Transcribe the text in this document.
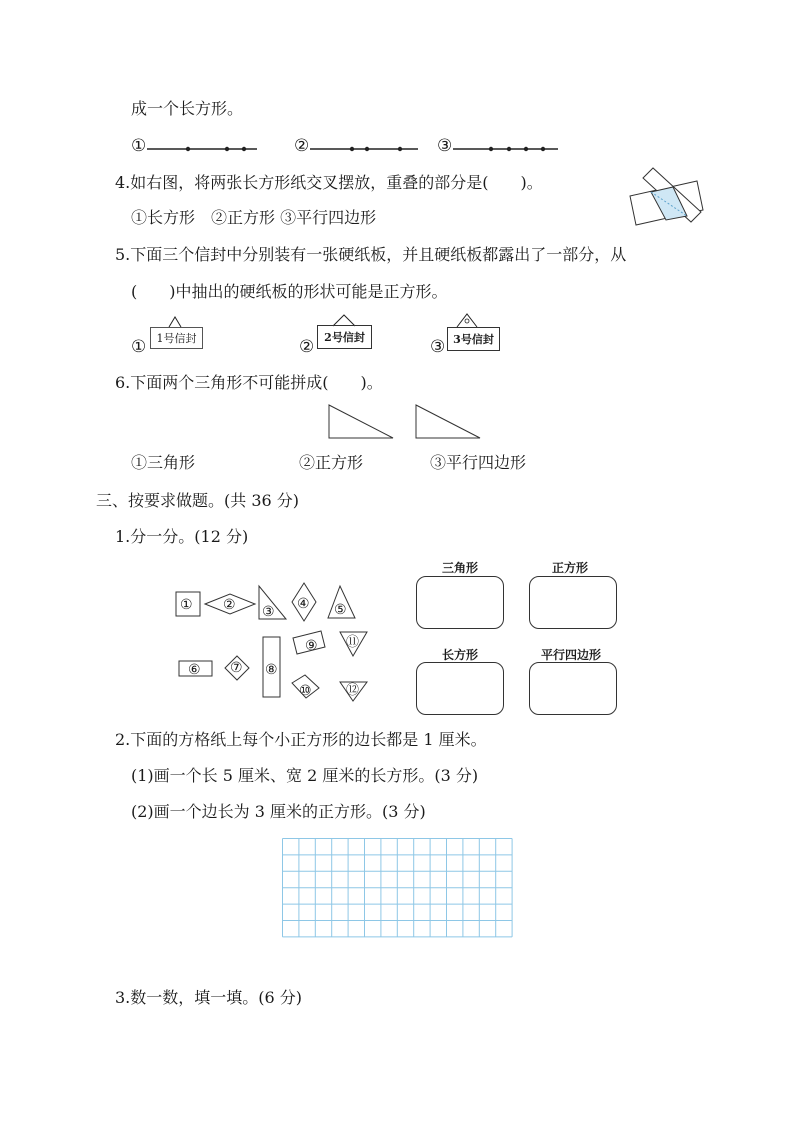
成一个长方形。
①	②	③
4.如右图，将两张长方形纸交叉摆放，重叠的部分是(　　)。
①长方形　②正方形 ③平行四边形
5.下面三个信封中分别装有一张硬纸板，并且硬纸板都露出了一部分，从
(　　)中抽出的硬纸板的形状可能是正方形。
① 1号信封	② 2号信封	③ 3号信封
6.下面两个三角形不可能拼成(　　)。
①三角形	②正方形	③平行四边形
三、按要求做题。(共 36 分)
1.分一分。(12 分)
① ② ③ ④ ⑤
⑥ ⑦ ⑧
⑨
⑩
⑪
⑫
三角形	正方形
长方形	平行四边形
2.下面的方格纸上每个小正方形的边长都是 1 厘米。
(1)画一个长 5 厘米、宽 2 厘米的长方形。(3 分)
(2)画一个边长为 3 厘米的正方形。(3 分)
3.数一数，填一填。(6 分)
